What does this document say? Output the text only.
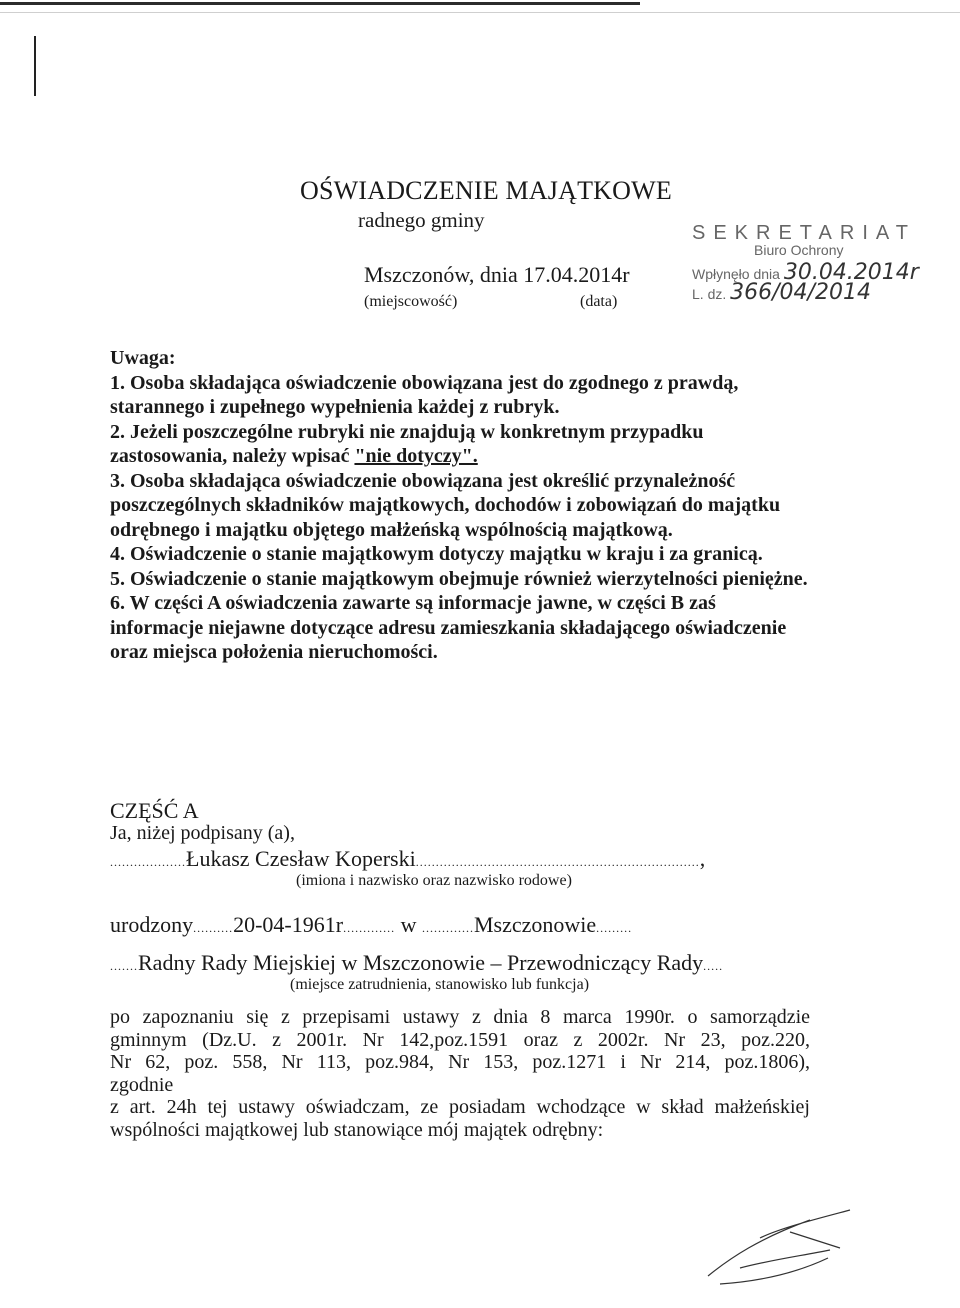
OŚWIADCZENIE MAJĄTKOWE
radnego gminy
Mszczonów, dnia 17.04.2014r
(miejscowość)	(data)
SEKRETARIAT
Biuro Ochrony
Wpłynęło dnia 30.04.2014r
L. dz. 366/04/2014

Uwaga:

1. Osoba składająca oświadczenie obowiązana jest do zgodnego z prawdą, starannego i zupełnego wypełnienia każdej z rubryk.

2. Jeżeli poszczególne rubryki nie znajdują w konkretnym przypadku zastosowania, należy wpisać "nie dotyczy".

3. Osoba składająca oświadczenie obowiązana jest określić przynależność poszczególnych składników majątkowych, dochodów i zobowiązań do majątku odrębnego i majątku objętego małżeńską wspólnością majątkową.

4. Oświadczenie o stanie majątkowym dotyczy majątku w kraju i za granicą.

5. Oświadczenie o stanie majątkowym obejmuje również wierzytelności pieniężne.

6. W części A oświadczenia zawarte są informacje jawne, w części B zaś informacje niejawne dotyczące adresu zamieszkania składającego oświadczenie

oraz miejsca położenia nieruchomości.

CZĘŚĆ A
Ja, niżej podpisany (a),
...................Łukasz Czesław Koperski.......................................................................,
(imiona i nazwisko oraz nazwisko rodowe)
urodzony..........20-04-1961r............. w .............Mszczonowie.........
.......Radny Rady Miejskiej w Mszczonowie – Przewodniczący Rady.....
(miejsce zatrudnienia, stanowisko lub funkcja)

po zapoznaniu się z przepisami ustawy z dnia 8 marca 1990r. o samorządzie

gminnym (Dz.U. z 2001r. Nr 142,poz.1591 oraz z 2002r. Nr 23, poz.220,

Nr 62, poz. 558, Nr 113, poz.984, Nr 153, poz.1271 i Nr 214, poz.1806),

zgodnie

z art. 24h tej ustawy oświadczam, ze posiadam wchodzące w skład małżeńskiej

wspólności majątkowej lub stanowiące mój majątek odrębny:
